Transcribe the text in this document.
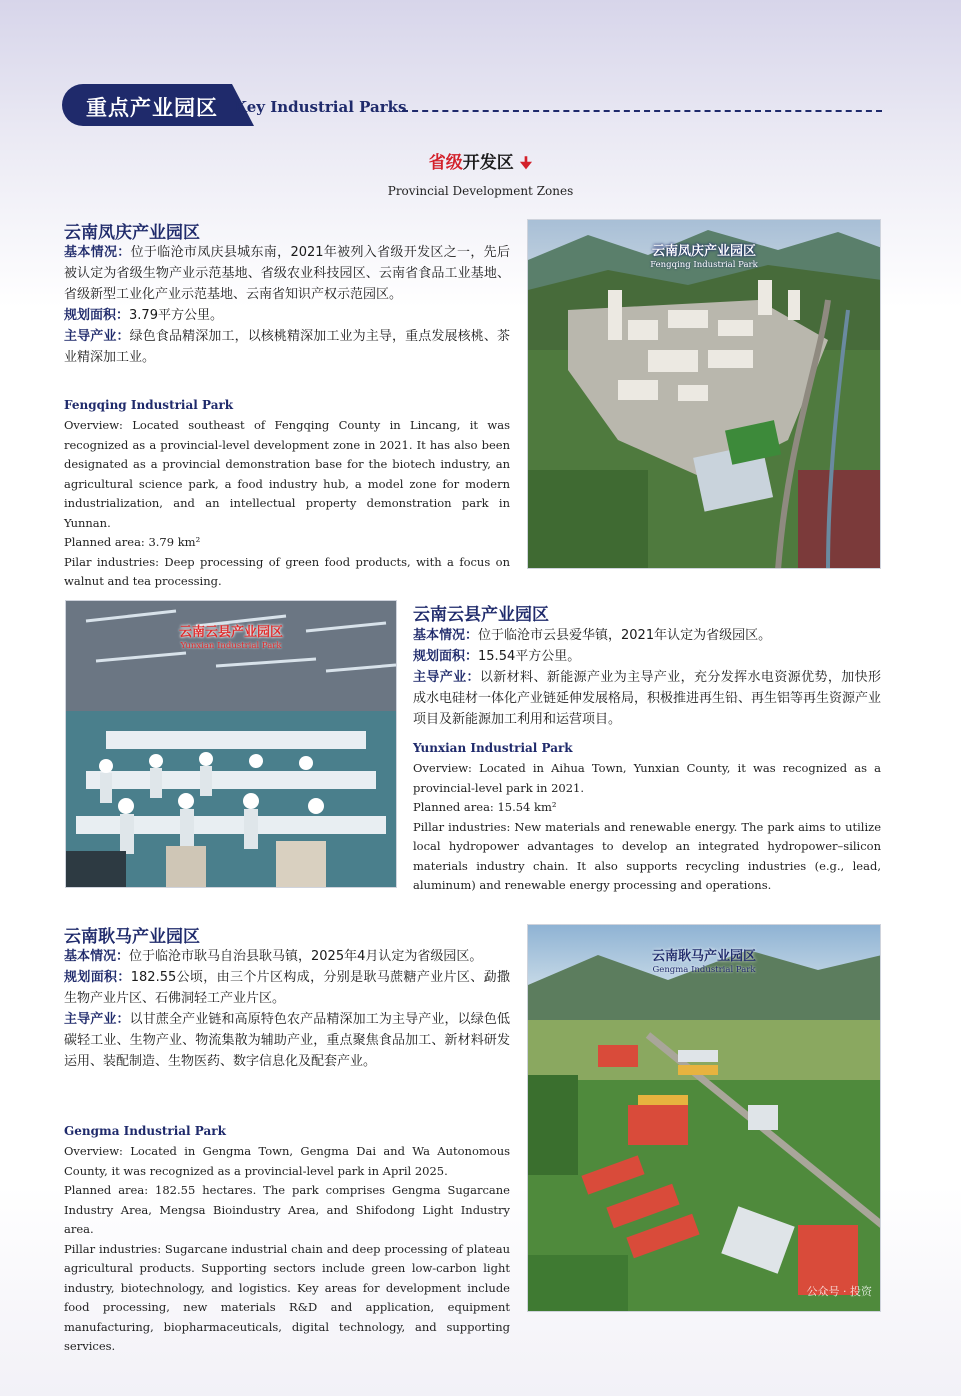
重点产业园区 Key Industrial Parks
省级开发区 🠋
Provincial Development Zones
云南凤庆产业园区

基本情况：位于临沧市凤庆县城东南，2021年被列入省级开发区之一，先后被认定为省级生物产业示范基地、省级农业科技园区、云南省食品工业基地、省级新型工业化产业示范基地、云南省知识产权示范园区。

规划面积：3.79平方公里。

主导产业：绿色食品精深加工，以核桃精深加工业为主导，重点发展核桃、茶业精深加工业。

Fengqing Industrial Park

Overview: Located southeast of Fengqing County in Lincang, it was recognized as a provincial-level development zone in 2021. It has also been designated as a provincial demonstration base for the biotech industry, an agricultural science park, a food industry hub, a model zone for modern industrialization, and an intellectual property demonstration park in Yunnan.

Planned area: 3.79 km²

Pilar industries: Deep processing of green food products, with a focus on walnut and tea processing.

云南凤庆产业园区
Fengqing Industrial Park
云南云县产业园区
Yunxian Industrial Park
云南云县产业园区

基本情况：位于临沧市云县爱华镇，2021年认定为省级园区。

规划面积：15.54平方公里。

主导产业：以新材料、新能源产业为主导产业，充分发挥水电资源优势，加快形成水电硅材一体化产业链延伸发展格局，积极推进再生铅、再生铝等再生资源产业项目及新能源加工利用和运营项目。

Yunxian Industrial Park

Overview: Located in Aihua Town, Yunxian County, it was recognized as a provincial-level park in 2021.

Planned area: 15.54 km²

Pillar industries: New materials and renewable energy. The park aims to utilize local hydropower advantages to develop an integrated hydropower–silicon materials industry chain. It also supports recycling industries (e.g., lead, aluminum) and renewable energy processing and operations.

云南耿马产业园区

基本情况：位于临沧市耿马自治县耿马镇，2025年4月认定为省级园区。

规划面积：182.55公顷，由三个片区构成，分别是耿马蔗糖产业片区、勐撒生物产业片区、石佛洞轻工产业片区。

主导产业：以甘蔗全产业链和高原特色农产品精深加工为主导产业，以绿色低碳轻工业、生物产业、物流集散为辅助产业，重点聚焦食品加工、新材料研发运用、装配制造、生物医药、数字信息化及配套产业。

Gengma Industrial Park

Overview: Located in Gengma Town, Gengma Dai and Wa Autonomous County, it was recognized as a provincial-level park in April 2025.

Planned area: 182.55 hectares. The park comprises Gengma Sugarcane Industry Area, Mengsa Bioindustry Area, and Shifodong Light Industry area.

Pillar industries: Sugarcane industrial chain and deep processing of plateau agricultural products. Supporting sectors include green low-carbon light industry, biotechnology, and logistics. Key areas for development include food processing, new materials R&D and application, equipment manufacturing, biopharmaceuticals, digital technology, and supporting services.

云南耿马产业园区
Gengma Industrial Park
公众号 · 投资
